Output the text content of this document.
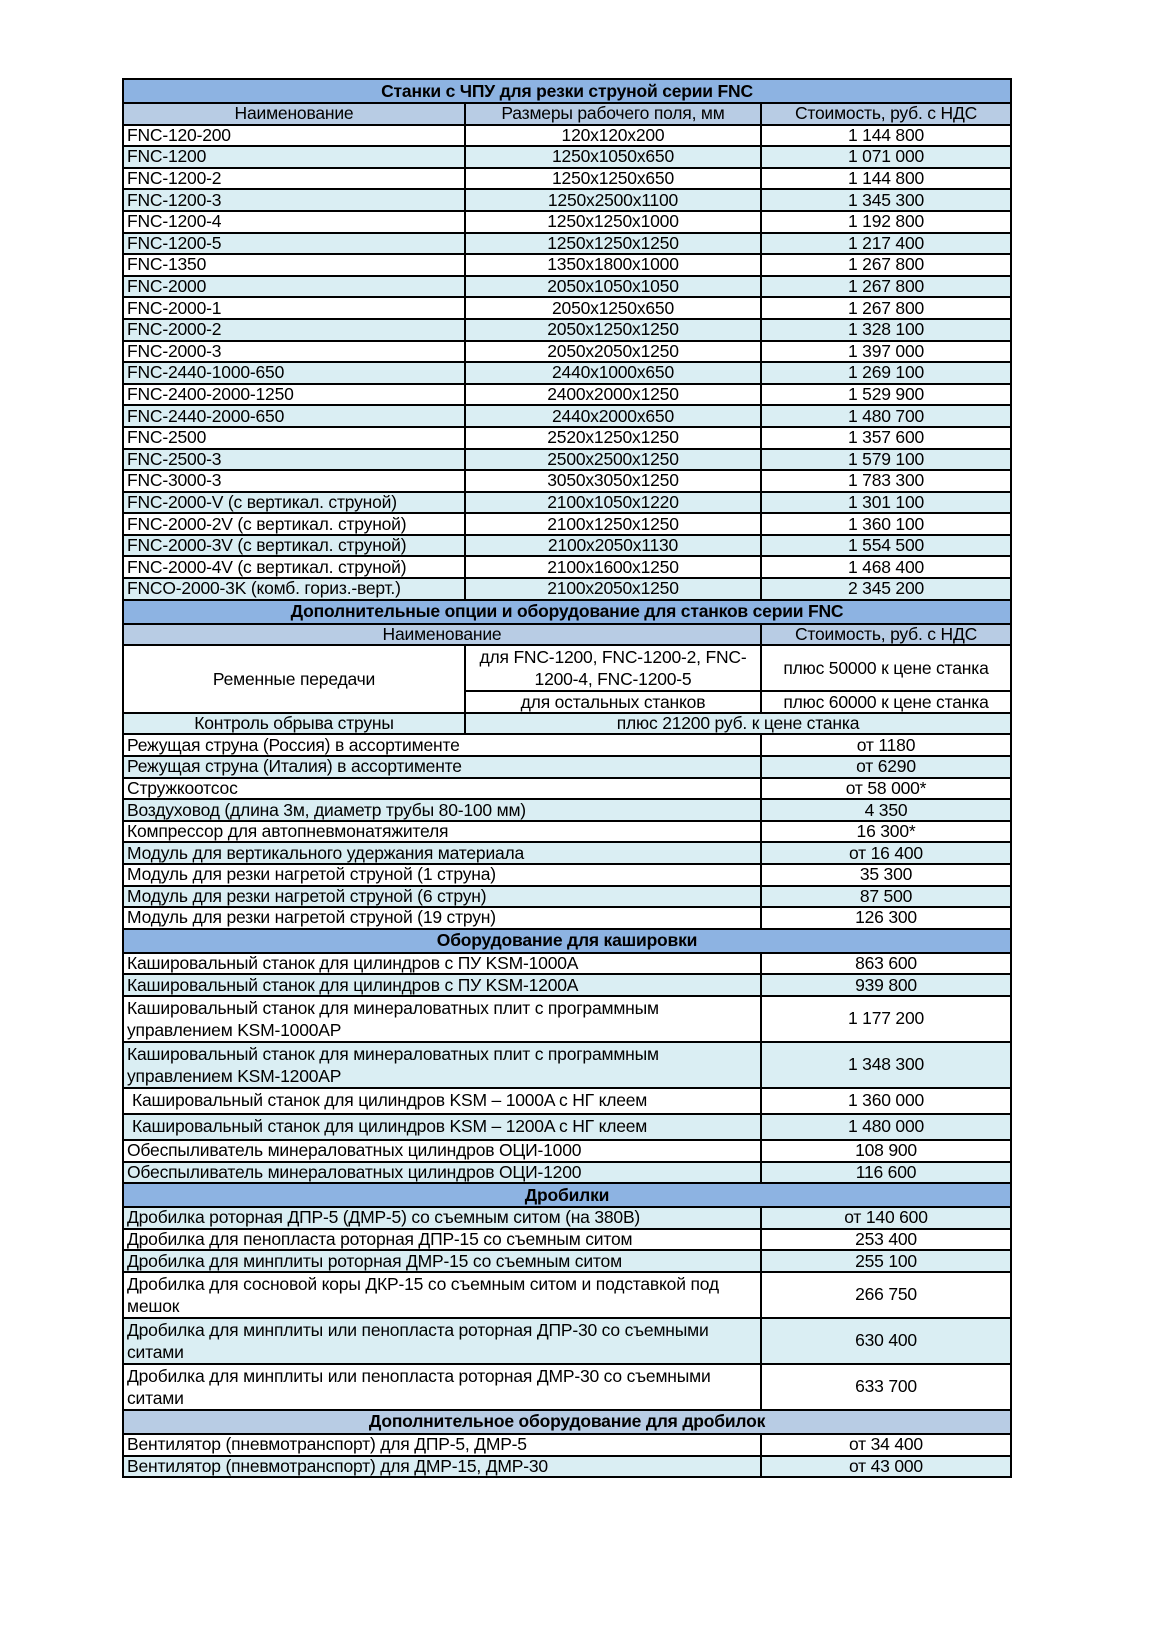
Станки с ЧПУ для резки струной серии FNC		
Наименование	Размеры рабочего поля, мм	Стоимость, руб. с НДС
FNC-120-200	120x120x200	1 144 800
FNC-1200	1250x1050x650	1 071 000
FNC-1200-2	1250x1250x650	1 144 800
FNC-1200-3	1250x2500x1100	1 345 300
FNC-1200-4	1250x1250x1000	1 192 800
FNC-1200-5	1250x1250x1250	1 217 400
FNC-1350	1350x1800x1000	1 267 800
FNC-2000	2050x1050x1050	1 267 800
FNC-2000-1	2050x1250x650	1 267 800
FNC-2000-2	2050x1250x1250	1 328 100
FNC-2000-3	2050x2050x1250	1 397 000
FNC-2440-1000-650	2440x1000x650	1 269 100
FNC-2400-2000-1250	2400x2000x1250	1 529 900
FNC-2440-2000-650	2440x2000x650	1 480 700
FNC-2500	2520x1250x1250	1 357 600
FNC-2500-3	2500x2500x1250	1 579 100
FNC-3000-3	3050x3050x1250	1 783 300
FNC-2000-V (с вертикал. струной)	2100x1050x1220	1 301 100
FNC-2000-2V (с вертикал. струной)	2100x1250x1250	1 360 100
FNC-2000-3V (с вертикал. струной)	2100x2050x1130	1 554 500
FNC-2000-4V (с вертикал. струной)	2100x1600x1250	1 468 400
FNCO-2000-3K (комб. гориз.-верт.)	2100x2050x1250	2 345 200
Дополнительные опции и оборудование для станков серии FNC		
Наименование		Стоимость, руб. с НДС
Ременные передачи	для FNC-1200, FNC-1200-2, FNC-1200-4, FNC-1200-5	плюс 50000 к цене станка
	для остальных станков	плюс 60000 к цене станка
Контроль обрыва струны	плюс 21200 руб. к цене станка	
Режущая струна (Россия) в ассортименте		от 1180
Режущая струна (Италия) в ассортименте		от 6290
Стружкоотсос		от 58 000*
Воздуховод (длина 3м, диаметр трубы 80-100 мм)		4 350
Компрессор для автопневмонатяжителя		16 300*
Модуль для вертикального удержания материала		от 16 400
Модуль для резки нагретой струной (1 струна)		35 300
Модуль для резки нагретой струной (6 струн)		87 500
Модуль для резки нагретой струной (19 струн)		126 300
Оборудование для кашировки		
Кашировальный станок для цилиндров с ПУ KSM-1000A		863 600
Кашировальный станок для цилиндров с ПУ KSM-1200A		939 800
Кашировальный станок для минераловатных плит с программным управлением KSM-1000AP		1 177 200
Кашировальный станок для минераловатных плит с программным управлением KSM-1200AP		1 348 300
Кашировальный станок для цилиндров KSM – 1000A с НГ клеем		1 360 000
Кашировальный станок для цилиндров KSM – 1200A с НГ клеем		1 480 000
Обеспыливатель минераловатных цилиндров ОЦИ-1000		108 900
Обеспыливатель минераловатных цилиндров ОЦИ-1200		116 600
Дробилки		
Дробилка роторная ДПР-5 (ДМР-5) со съемным ситом (на 380В)		от 140 600
Дробилка для пенопласта роторная ДПР-15 со съемным ситом		253 400
Дробилка для минплиты роторная ДМР-15 со съемным ситом		255 100
Дробилка для сосновой коры ДКР-15 со съемным ситом и подставкой под мешок		266 750
Дробилка для минплиты или пенопласта роторная ДПР-30 со съемными ситами		630 400
Дробилка для минплиты или пенопласта роторная ДМР-30 со съемными ситами		633 700
Дополнительное оборудование для дробилок		
Вентилятор (пневмотранспорт) для ДПР-5, ДМР-5		от 34 400
Вентилятор (пневмотранспорт) для ДМР-15, ДМР-30		от 43 000
